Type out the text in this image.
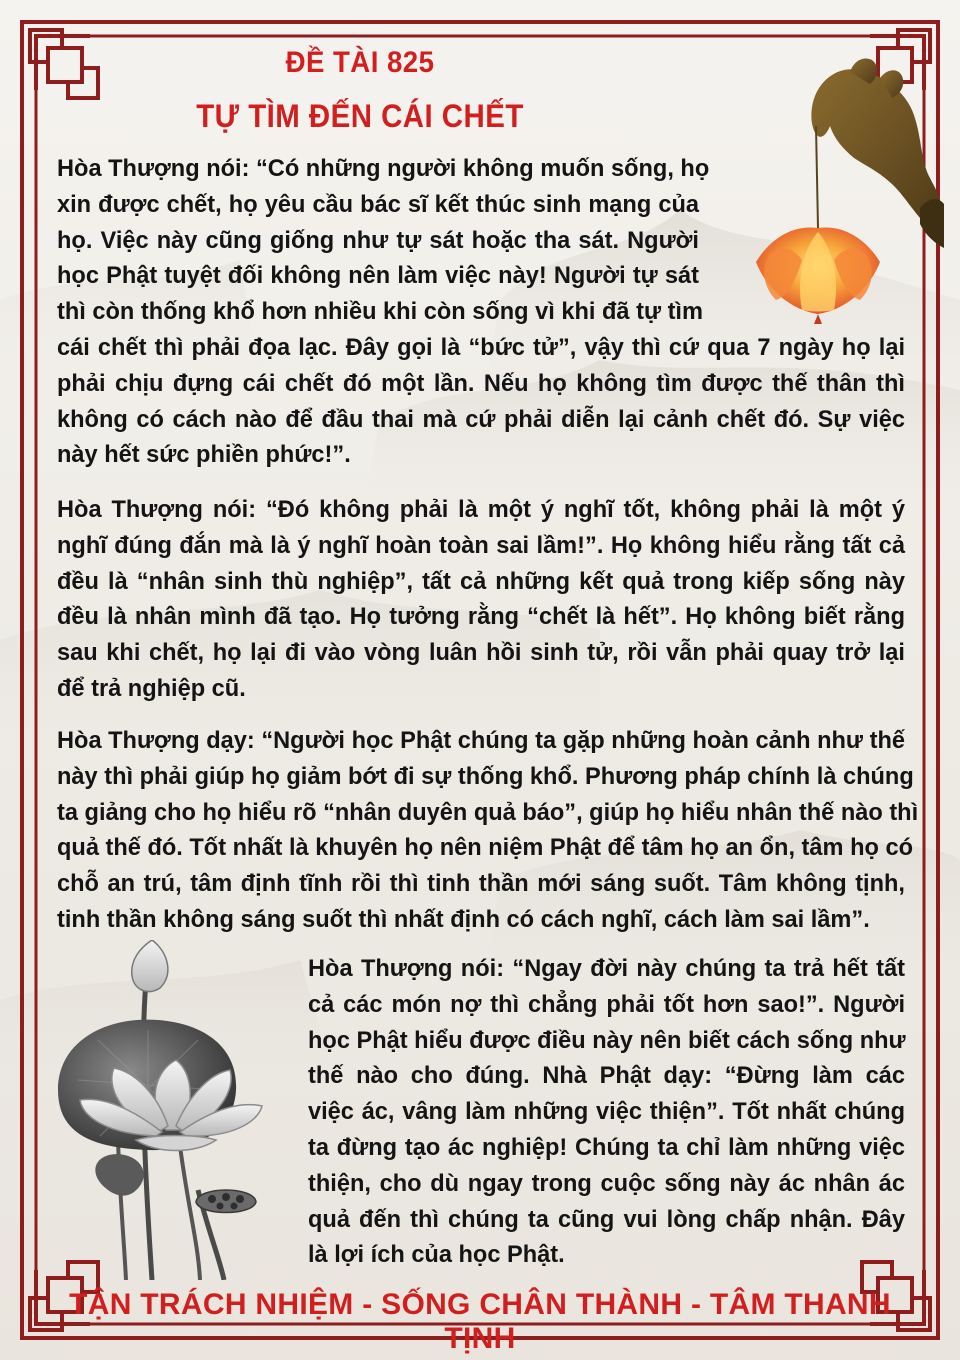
ĐỀ TÀI 825
TỰ TÌM ĐẾN CÁI CHẾT
Hòa Thượng nói: “Có những người không muốn sống, họ
xin được chết, họ yêu cầu bác sĩ kết thúc sinh mạng của
họ. Việc này cũng giống như tự sát hoặc tha sát. Người
học Phật tuyệt đối không nên làm việc này! Người tự sát
thì còn thống khổ hơn nhiều khi còn sống vì khi đã tự tìm
cái chết thì phải đọa lạc. Đây gọi là “bức tử”, vậy thì cứ qua 7 ngày họ lại
phải chịu đựng cái chết đó một lần. Nếu họ không tìm được thế thân thì
không có cách nào để đầu thai mà cứ phải diễn lại cảnh chết đó. Sự việc
này hết sức phiền phức!”.
Hòa Thượng nói: “Đó không phải là một ý nghĩ tốt, không phải là một ý
nghĩ đúng đắn mà là ý nghĩ hoàn toàn sai lầm!”. Họ không hiểu rằng tất cả
đều là “nhân sinh thù nghiệp”, tất cả những kết quả trong kiếp sống này
đều là nhân mình đã tạo. Họ tưởng rằng “chết là hết”. Họ không biết rằng
sau khi chết, họ lại đi vào vòng luân hồi sinh tử, rồi vẫn phải quay trở lại
để trả nghiệp cũ.
Hòa Thượng dạy: “Người học Phật chúng ta gặp những hoàn cảnh như thế
này thì phải giúp họ giảm bớt đi sự thống khổ. Phương pháp chính là chúng
ta giảng cho họ hiểu rõ “nhân duyên quả báo”, giúp họ hiểu nhân thế nào thì
quả thế đó. Tốt nhất là khuyên họ nên niệm Phật để tâm họ an ổn, tâm họ có
chỗ an trú, tâm định tĩnh rồi thì tinh thần mới sáng suốt. Tâm không tịnh,
tinh thần không sáng suốt thì nhất định có cách nghĩ, cách làm sai lầm”.
Hòa Thượng nói: “Ngay đời này chúng ta trả hết tất
cả các món nợ thì chẳng phải tốt hơn sao!”. Người
học Phật hiểu được điều này nên biết cách sống như
thế nào cho đúng. Nhà Phật dạy: “Đừng làm các
việc ác, vâng làm những việc thiện”. Tốt nhất chúng
ta đừng tạo ác nghiệp! Chúng ta chỉ làm những việc
thiện, cho dù ngay trong cuộc sống này ác nhân ác
quả đến thì chúng ta cũng vui lòng chấp nhận. Đây
là lợi ích của học Phật.

TẬN TRÁCH NHIỆM - SỐNG CHÂN THÀNH - TÂM THANH TỊNH
